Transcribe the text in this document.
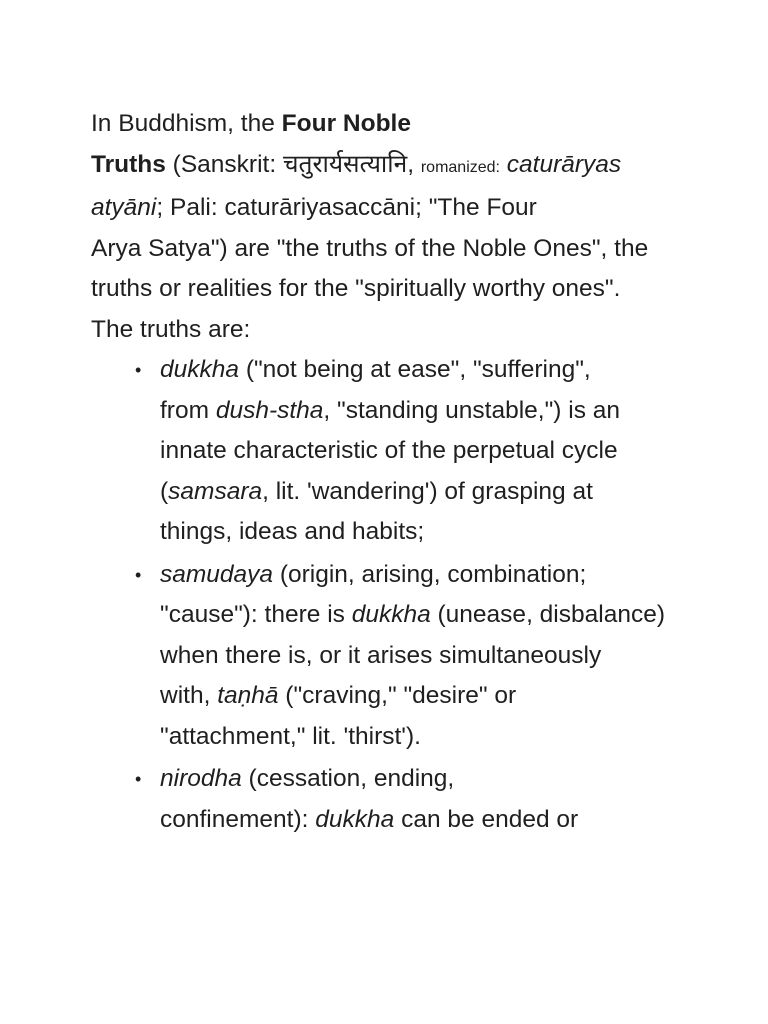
In Buddhism, the Four Noble
Truths (Sanskrit: चतुरार्यसत्यानि, romanized: caturāryas
atyāni; Pali: caturāriyasaccāni; "The Four
Arya Satya") are "the truths of the Noble Ones", the
truths or realities for the "spiritually worthy ones".
The truths are:
• dukkha ("not being at ease", "suffering",
from dush-stha, "standing unstable,") is an
innate characteristic of the perpetual cycle
(samsara, lit. 'wandering') of grasping at
things, ideas and habits;
• samudaya (origin, arising, combination;
"cause"): there is dukkha (unease, disbalance)
when there is, or it arises simultaneously
with, taṇhā ("craving," "desire" or
"attachment," lit. 'thirst').
• nirodha (cessation, ending,
confinement): dukkha can be ended or
